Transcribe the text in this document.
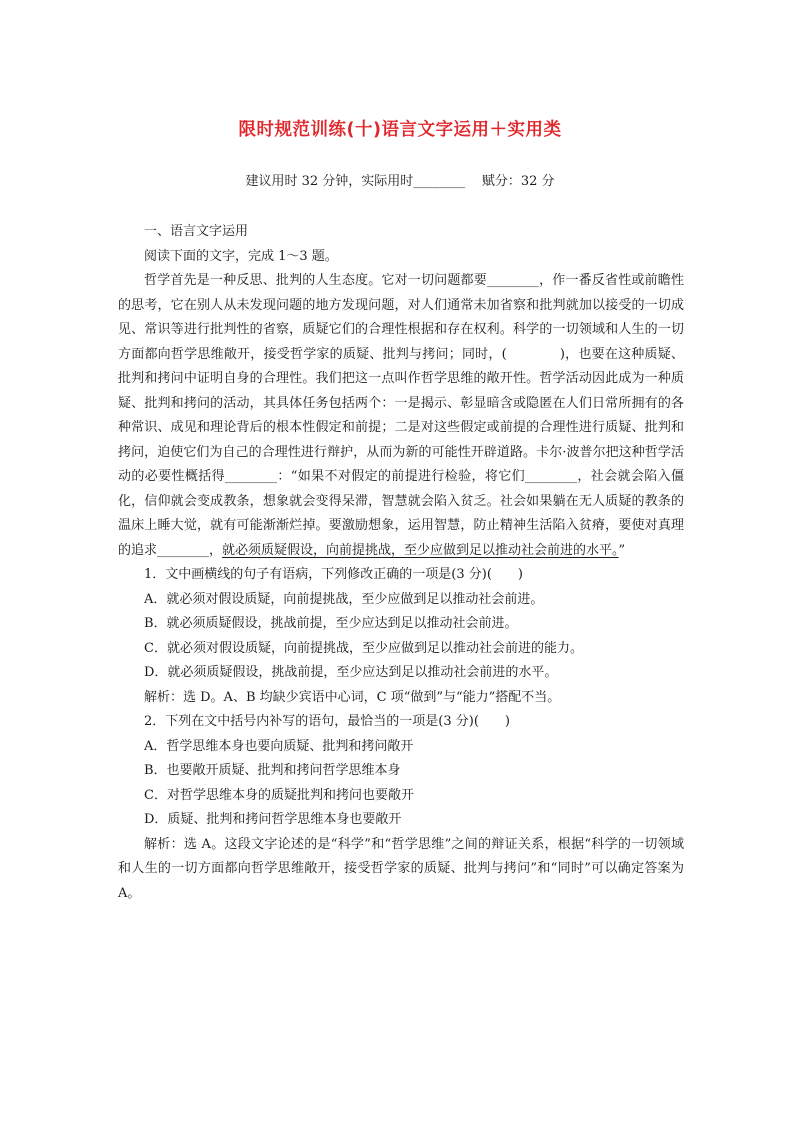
限时规范训练(十)语言文字运用＋实用类
建议用时 32 分钟，实际用时________ 赋分：32 分

一、语言文字运用

阅读下面的文字，完成 1～3 题。

哲学首先是一种反思、批判的人生态度。它对一切问题都要________，作一番反省性或前瞻性的思考，它在别人从未发现问题的地方发现问题，对人们通常未加省察和批判就加以接受的一切成见、常识等进行批判性的省察，质疑它们的合理性根据和存在权利。科学的一切领域和人生的一切方面都向哲学思维敞开，接受哲学家的质疑、批判与拷问；同时，(　　　　)，也要在这种质疑、批判和拷问中证明自身的合理性。我们把这一点叫作哲学思维的敞开性。哲学活动因此成为一种质疑、批判和拷问的活动，其具体任务包括两个：一是揭示、彰显暗含或隐匿在人们日常所拥有的各种常识、成见和理论背后的根本性假定和前提；二是对这些假定或前提的合理性进行质疑、批判和拷问，迫使它们为自己的合理性进行辩护，从而为新的可能性开辟道路。卡尔·波普尔把这种哲学活动的必要性概括得________：“如果不对假定的前提进行检验，将它们________，社会就会陷入僵化，信仰就会变成教条，想象就会变得呆滞，智慧就会陷入贫乏。社会如果躺在无人质疑的教条的温床上睡大觉，就有可能渐渐烂掉。要激励想象，运用智慧，防止精神生活陷入贫瘠，要使对真理的追求________，就必须质疑假设，向前提挑战，至少应做到足以推动社会前进的水平。”

1．文中画横线的句子有语病，下列修改正确的一项是(3 分)(　　)

A．就必须对假设质疑，向前提挑战，至少应做到足以推动社会前进。

B．就必须质疑假设，挑战前提，至少应达到足以推动社会前进。

C．就必须对假设质疑，向前提挑战，至少应做到足以推动社会前进的能力。

D．就必须质疑假设，挑战前提，至少应达到足以推动社会前进的水平。

解析：选 D。A、B 均缺少宾语中心词，C 项“做到”与“能力”搭配不当。

2．下列在文中括号内补写的语句，最恰当的一项是(3 分)(　　)

A．哲学思维本身也要向质疑、批判和拷问敞开

B．也要敞开质疑、批判和拷问哲学思维本身

C．对哲学思维本身的质疑批判和拷问也要敞开

D．质疑、批判和拷问哲学思维本身也要敞开

解析：选 A。这段文字论述的是“科学”和“哲学思维”之间的辩证关系，根据“科学的一切领域和人生的一切方面都向哲学思维敞开，接受哲学家的质疑、批判与拷问”和“同时”可以确定答案为 A。
